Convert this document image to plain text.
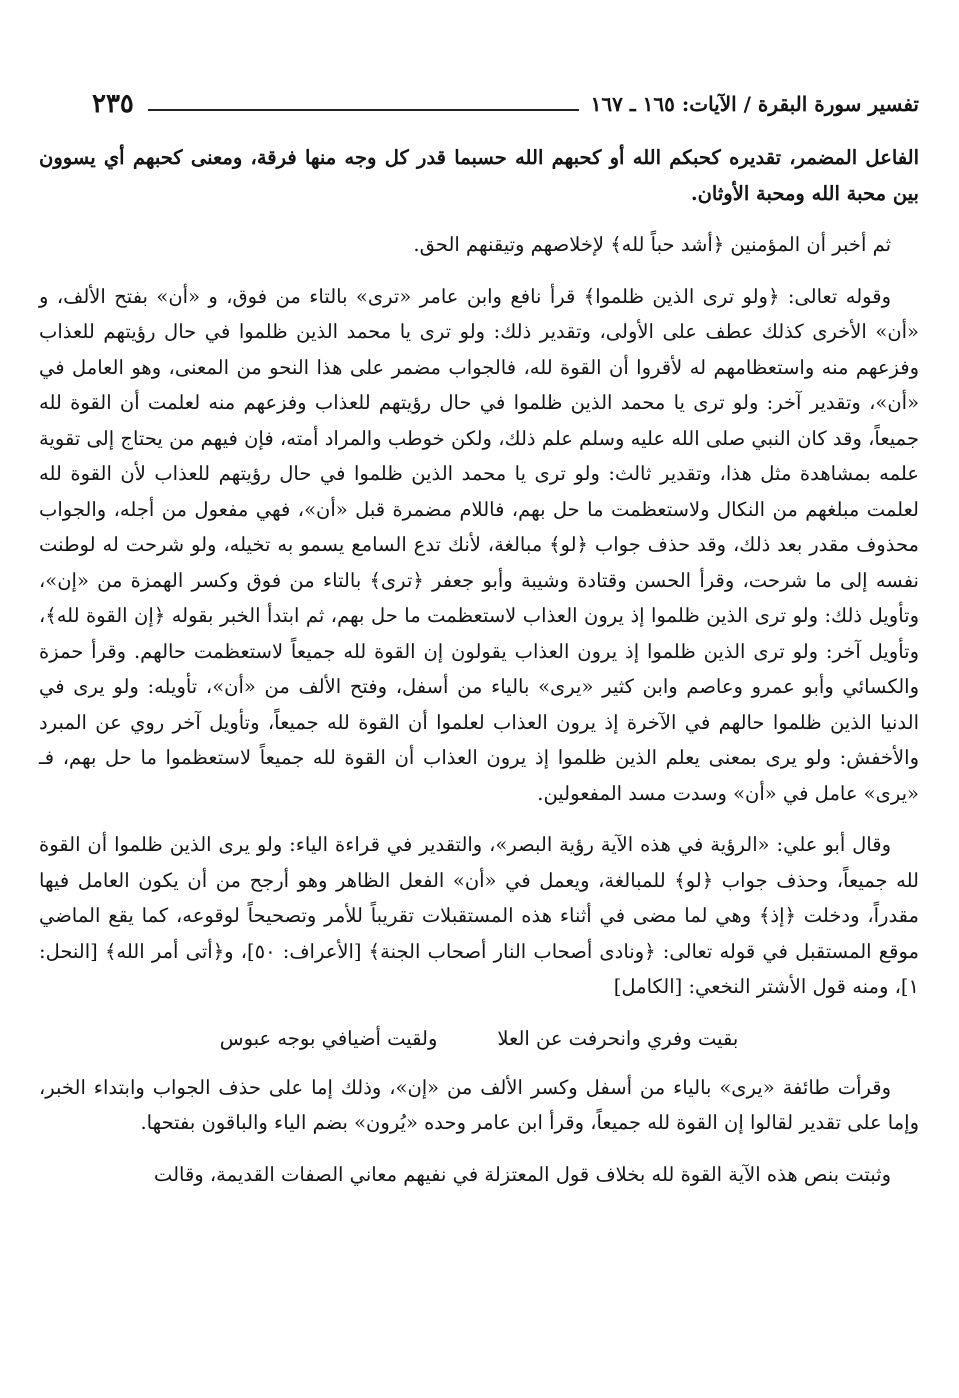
تفسير سورة البقرة / الآيات: ١٦٥ ـ ١٦٧
٢٣٥

الفاعل المضمر، تقديره كحبكم الله أو كحبهم الله حسبما قدر كل وجه منها فرقة، ومعنى كحبهم أي يسوون بين محبة الله ومحبة الأوثان.

ثم أخبر أن المؤمنين ﴿أشد حباً لله﴾ لإخلاصهم وتيقنهم الحق.

وقوله تعالى: ﴿ولو ترى الذين ظلموا﴾ قرأ نافع وابن عامر «ترى» بالتاء من فوق، و «أن» بفتح الألف، و «أن» الأخرى كذلك عطف على الأولى، وتقدير ذلك: ولو ترى يا محمد الذين ظلموا في حال رؤيتهم للعذاب وفزعهم منه واستعظامهم له لأقروا أن القوة لله، فالجواب مضمر على هذا النحو من المعنى، وهو العامل في «أن»، وتقدير آخر: ولو ترى يا محمد الذين ظلموا في حال رؤيتهم للعذاب وفزعهم منه لعلمت أن القوة لله جميعاً، وقد كان النبي صلى الله عليه وسلم علم ذلك، ولكن خوطب والمراد أمته، فإن فيهم من يحتاج إلى تقوية علمه بمشاهدة مثل هذا، وتقدير ثالث: ولو ترى يا محمد الذين ظلموا في حال رؤيتهم للعذاب لأن القوة لله لعلمت مبلغهم من النكال ولاستعظمت ما حل بهم، فاللام مضمرة قبل «أن»، فهي مفعول من أجله، والجواب محذوف مقدر بعد ذلك، وقد حذف جواب ﴿لو﴾ مبالغة، لأنك تدع السامع يسمو به تخيله، ولو شرحت له لوطنت نفسه إلى ما شرحت، وقرأ الحسن وقتادة وشيبة وأبو جعفر ﴿ترى﴾ بالتاء من فوق وكسر الهمزة من «إن»، وتأويل ذلك: ولو ترى الذين ظلموا إذ يرون العذاب لاستعظمت ما حل بهم، ثم ابتدأ الخبر بقوله ﴿إن القوة لله﴾، وتأويل آخر: ولو ترى الذين ظلموا إذ يرون العذاب يقولون إن القوة لله جميعاً لاستعظمت حالهم. وقرأ حمزة والكسائي وأبو عمرو وعاصم وابن كثير «يرى» بالياء من أسفل، وفتح الألف من «أن»، تأويله: ولو يرى في الدنيا الذين ظلموا حالهم في الآخرة إذ يرون العذاب لعلموا أن القوة لله جميعاً، وتأويل آخر روي عن المبرد والأخفش: ولو يرى بمعنى يعلم الذين ظلموا إذ يرون العذاب أن القوة لله جميعاً لاستعظموا ما حل بهم، فـ «يرى» عامل في «أن» وسدت مسد المفعولين.

وقال أبو علي: «الرؤية في هذه الآية رؤية البصر»، والتقدير في قراءة الياء: ولو يرى الذين ظلموا أن القوة لله جميعاً، وحذف جواب ﴿لو﴾ للمبالغة، ويعمل في «أن» الفعل الظاهر وهو أرجح من أن يكون العامل فيها مقدراً، ودخلت ﴿إذ﴾ وهي لما مضى في أثناء هذه المستقبلات تقريباً للأمر وتصحيحاً لوقوعه، كما يقع الماضي موقع المستقبل في قوله تعالى: ﴿ونادى أصحاب النار أصحاب الجنة﴾ [الأعراف: ٥٠]، و﴿أتى أمر الله﴾ [النحل: ١]، ومنه قول الأشتر النخعي: [الكامل]

بقيت وفري وانحرفت عن العلا
ولقيت أضيافي بوجه عبوس

وقرأت طائفة «يرى» بالياء من أسفل وكسر الألف من «إن»، وذلك إما على حذف الجواب وابتداء الخبر، وإما على تقدير لقالوا إن القوة لله جميعاً، وقرأ ابن عامر وحده «يُرون» بضم الياء والباقون بفتحها.

وثبتت بنص هذه الآية القوة لله بخلاف قول المعتزلة في نفيهم معاني الصفات القديمة، وقالت
